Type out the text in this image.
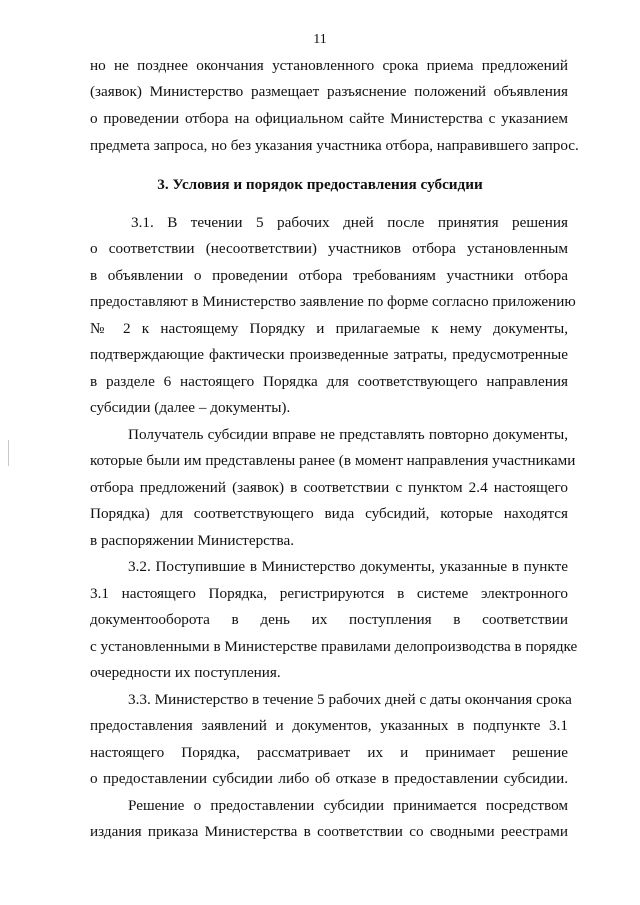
11
но не позднее окончания установленного срока приема предложений
(заявок) Министерство размещает разъяснение положений объявления
о проведении отбора на официальном сайте Министерства с указанием
предмета запроса, но без указания участника отбора, направившего запрос.
3. Условия и порядок предоставления субсидии
3.1. В течении 5 рабочих дней после принятия решения
о соответствии (несоответствии) участников отбора установленным
в объявлении о проведении отбора требованиям участники отбора
предоставляют в Министерство заявление по форме согласно приложению
№ 2 к настоящему Порядку и прилагаемые к нему документы,
подтверждающие фактически произведенные затраты, предусмотренные
в разделе 6 настоящего Порядка для соответствующего направления
субсидии (далее – документы).
Получатель субсидии вправе не представлять повторно документы,
которые были им представлены ранее (в момент направления участниками
отбора предложений (заявок) в соответствии с пунктом 2.4 настоящего
Порядка) для соответствующего вида субсидий, которые находятся
в распоряжении Министерства.
3.2. Поступившие в Министерство документы, указанные в пункте
3.1 настоящего Порядка, регистрируются в системе электронного
документооборота в день их поступления в соответствии
с установленными в Министерстве правилами делопроизводства в порядке
очередности их поступления.
3.3. Министерство в течение 5 рабочих дней с даты окончания срока
предоставления заявлений и документов, указанных в подпункте 3.1
настоящего Порядка, рассматривает их и принимает решение
о предоставлении субсидии либо об отказе в предоставлении субсидии.
Решение о предоставлении субсидии принимается посредством
издания приказа Министерства в соответствии со сводными реестрами
